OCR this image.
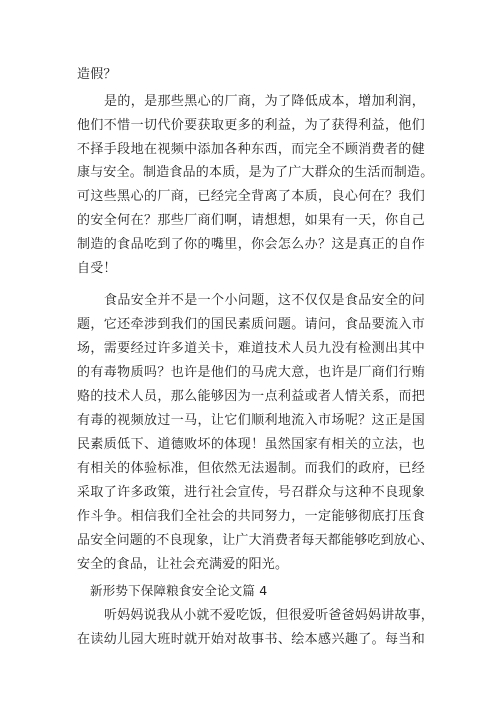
造假？
是的，是那些黑心的厂商，为了降低成本，增加利润，
他们不惜一切代价要获取更多的利益，为了获得利益，他们
不择手段地在视频中添加各种东西，而完全不顾消费者的健
康与安全。制造食品的本质，是为了广大群众的生活而制造。
可这些黑心的厂商，已经完全背离了本质，良心何在？我们
的安全何在？那些厂商们啊，请想想，如果有一天，你自己
制造的食品吃到了你的嘴里，你会怎么办？这是真正的自作
自受！
食品安全并不是一个小问题，这不仅仅是食品安全的问
题，它还牵涉到我们的国民素质问题。请问，食品要流入市
场，需要经过许多道关卡，难道技术人员九没有检测出其中
的有毒物质吗？也许是他们的马虎大意，也许是厂商们行贿
赂的技术人员，那么能够因为一点利益或者人情关系，而把
有毒的视频放过一马，让它们顺利地流入市场呢？这正是国
民素质低下、道德败坏的体现！虽然国家有相关的立法，也
有相关的体验标准，但依然无法遏制。而我们的政府，已经
采取了许多政策，进行社会宣传，号召群众与这种不良现象
作斗争。相信我们全社会的共同努力，一定能够彻底打压食
品安全问题的不良现象，让广大消费者每天都能够吃到放心、
安全的食品，让社会充满爱的阳光。
新形势下保障粮食安全论文篇 4
听妈妈说我从小就不爱吃饭，但很爱听爸爸妈妈讲故事，
在读幼儿园大班时就开始对故事书、绘本感兴趣了。每当和
